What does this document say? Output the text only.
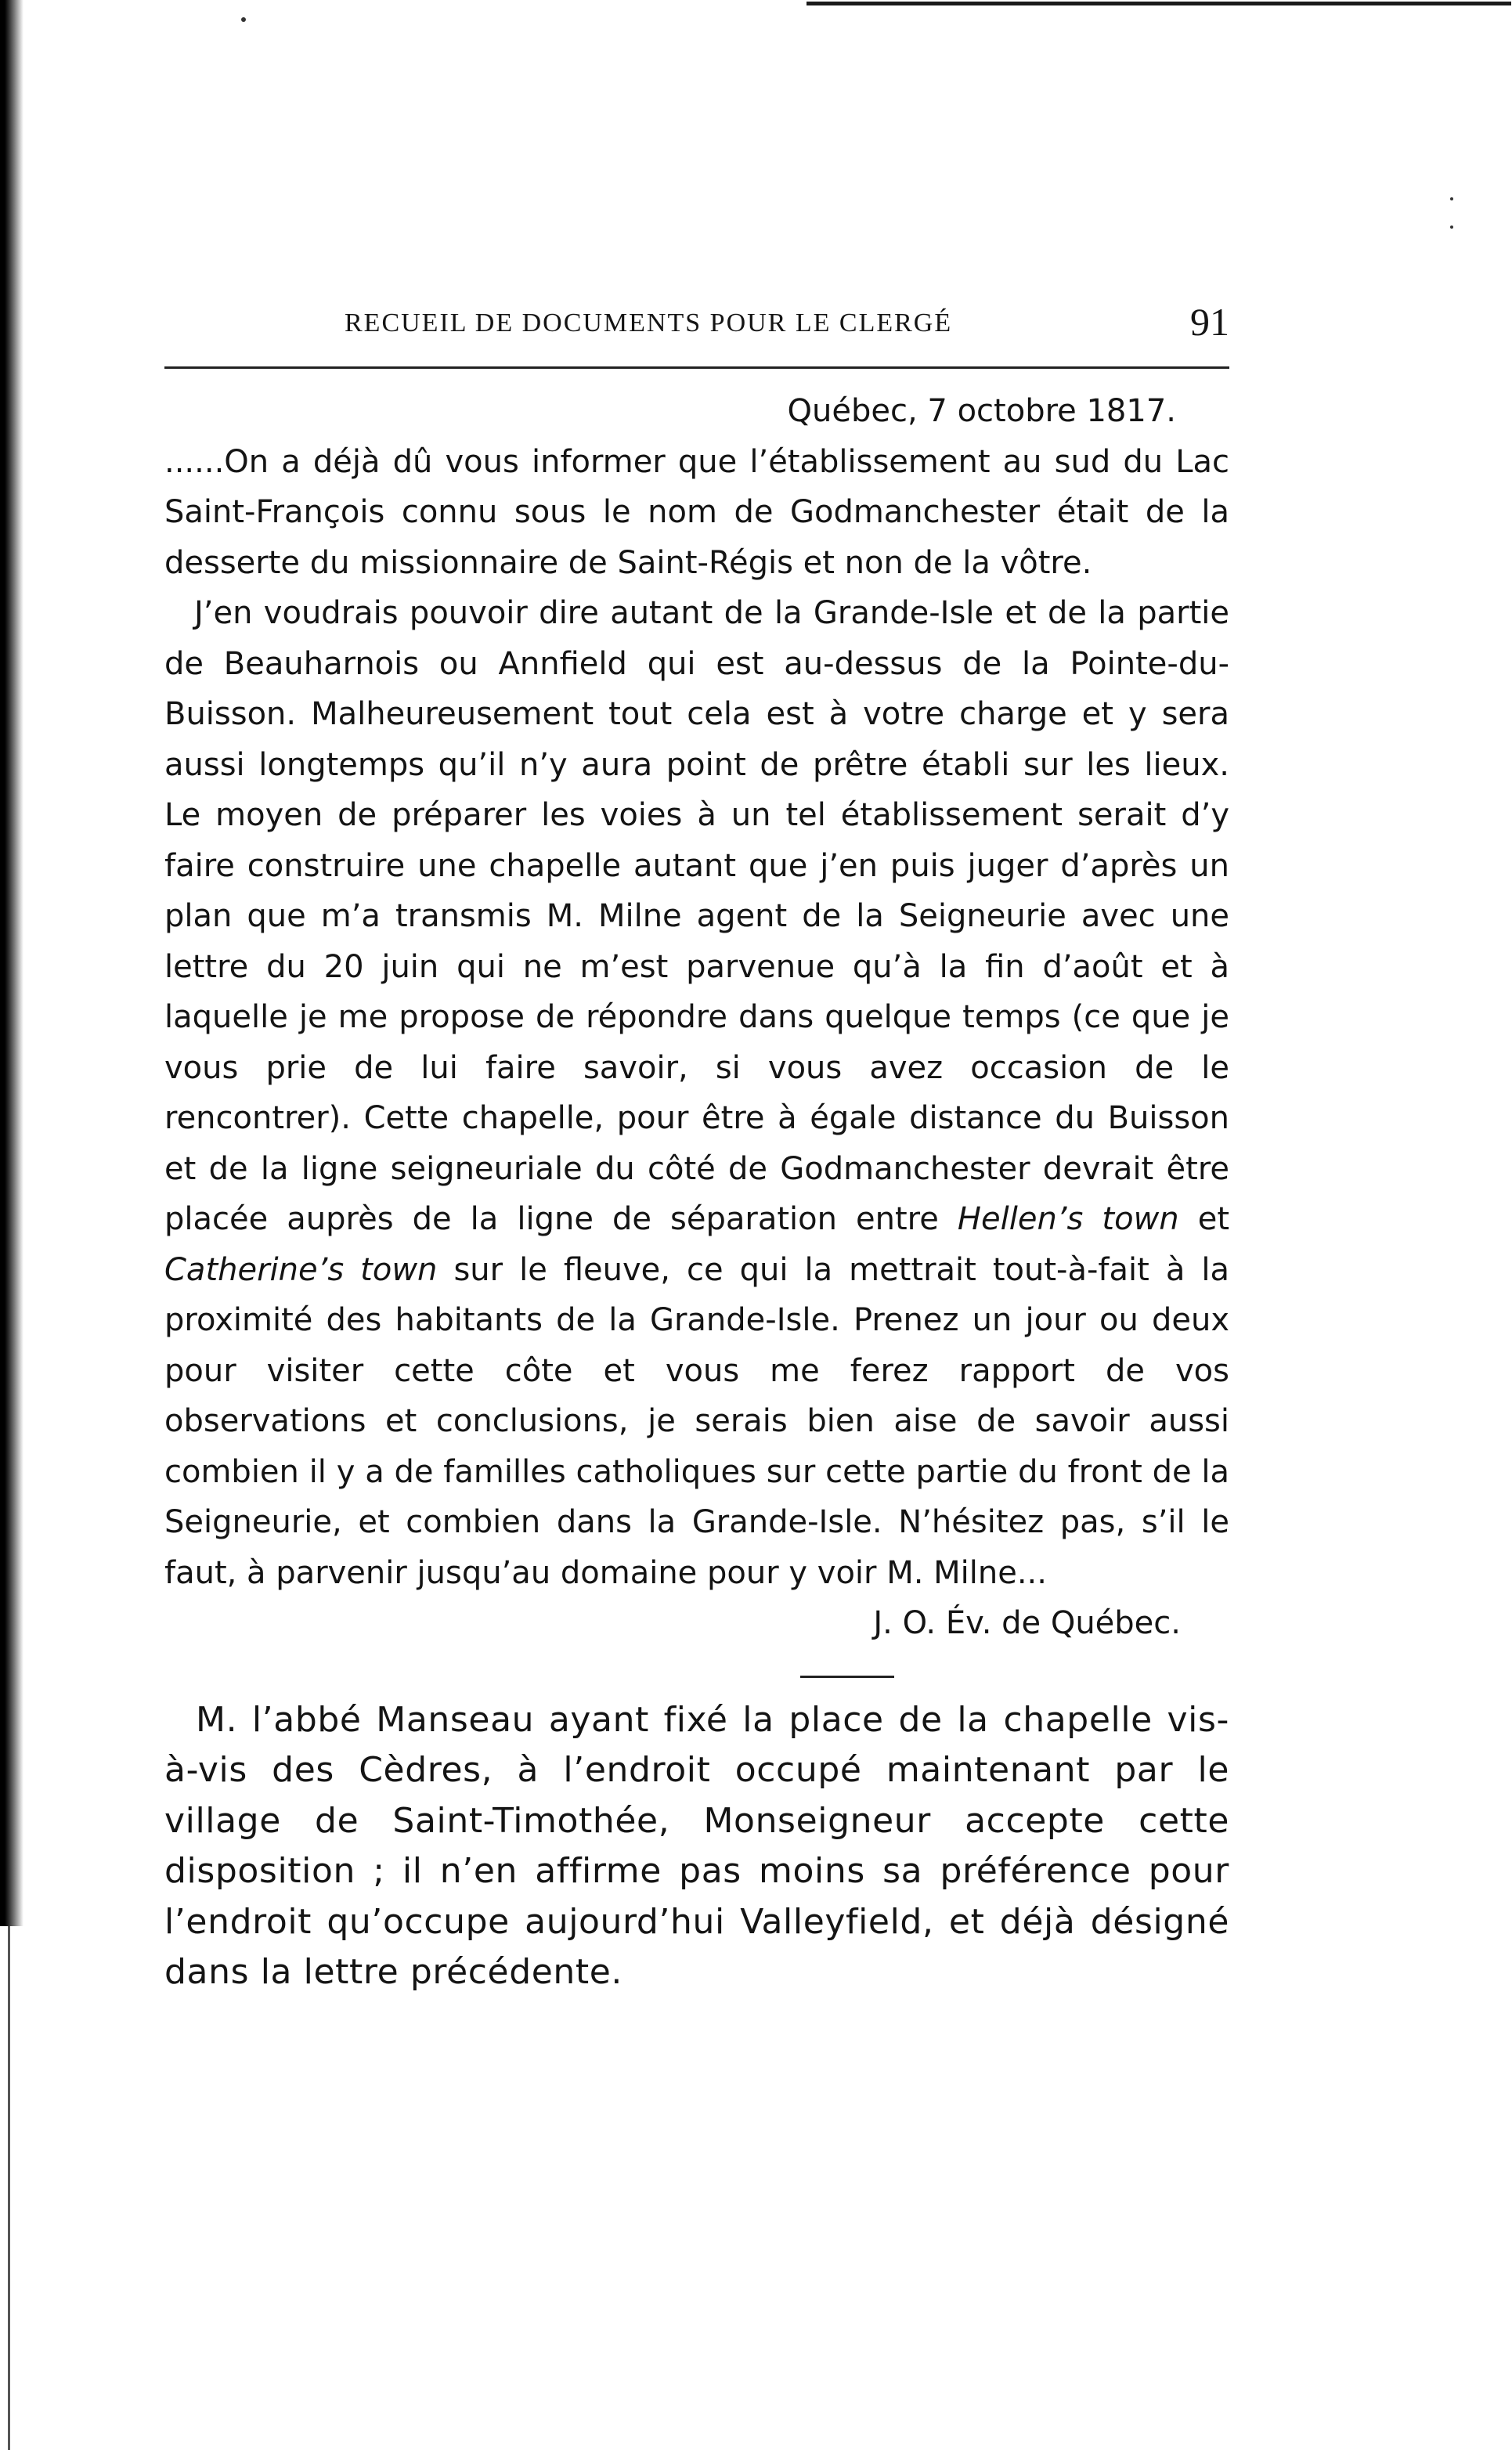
RECUEIL DE DOCUMENTS POUR LE CLERGÉ	91
Québec, 7 octobre 1817.

......On a déjà dû vous informer que l’établissement au sud du Lac Saint-François connu sous le nom de Godmanchester était de la desserte du missionnaire de Saint-Régis et non de la vôtre.

J’en voudrais pouvoir dire autant de la Grande-Isle et de la partie de Beauharnois ou Annfield qui est au-dessus de la Pointe-du-Buisson. Malheureusement tout cela est à votre charge et y sera aussi longtemps qu’il n’y aura point de prêtre établi sur les lieux. Le moyen de préparer les voies à un tel établissement serait d’y faire construire une chapelle autant que j’en puis juger d’après un plan que m’a transmis M. Milne agent de la Seigneurie avec une lettre du 20 juin qui ne m’est parvenue qu’à la fin d’août et à laquelle je me propose de répondre dans quelque temps (ce que je vous prie de lui faire savoir, si vous avez occasion de le rencontrer). Cette chapelle, pour être à égale distance du Buisson et de la ligne seigneuriale du côté de Godmanchester devrait être placée auprès de la ligne de séparation entre Hellen’s town et Catherine’s town sur le fleuve, ce qui la mettrait tout-à-fait à la proximité des habitants de la Grande-Isle. Prenez un jour ou deux pour visiter cette côte et vous me ferez rapport de vos observations et conclusions, je serais bien aise de savoir aussi combien il y a de familles catholiques sur cette partie du front de la Seigneurie, et combien dans la Grande-Isle. N’hésitez pas, s’il le faut, à parvenir jusqu’au domaine pour y voir M. Milne...

J. O. Év. de Québec.

M. l’abbé Manseau ayant fixé la place de la chapelle vis-à-vis des Cèdres, à l’endroit occupé maintenant par le village de Saint-Timothée, Monseigneur accepte cette disposition ; il n’en affirme pas moins sa préférence pour l’endroit qu’occupe aujourd’hui Valleyfield, et déjà désigné dans la lettre précédente.
